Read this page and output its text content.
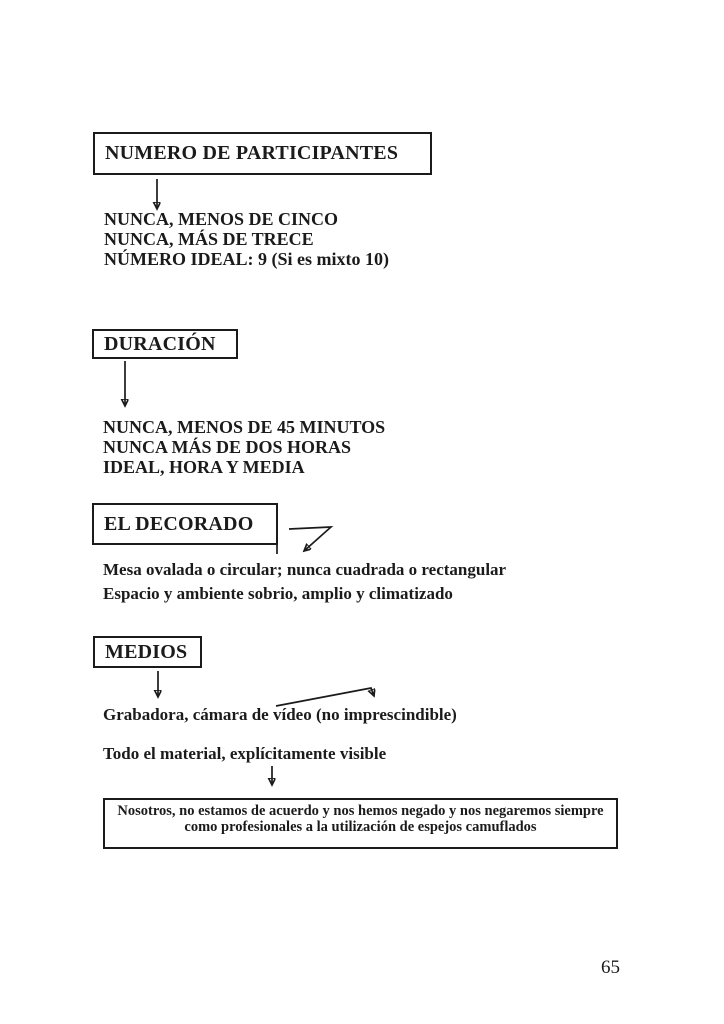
NUMERO DE PARTICIPANTES
NUNCA, MENOS DE CINCO
NUNCA, MÁS DE TRECE
NÚMERO IDEAL: 9 (Si es mixto 10)
DURACIÓN
NUNCA, MENOS DE 45 MINUTOS
NUNCA MÁS DE DOS HORAS
IDEAL, HORA Y MEDIA
EL DECORADO
Mesa ovalada o circular; nunca cuadrada o rectangular
Espacio y ambiente sobrio, amplio y climatizado
MEDIOS
Grabadora, cámara de vídeo (no imprescindible)
Todo el material, explícitamente visible
Nosotros, no estamos de acuerdo y nos hemos negado y nos negaremos siempre
como profesionales a la utilización de espejos camuflados
65
